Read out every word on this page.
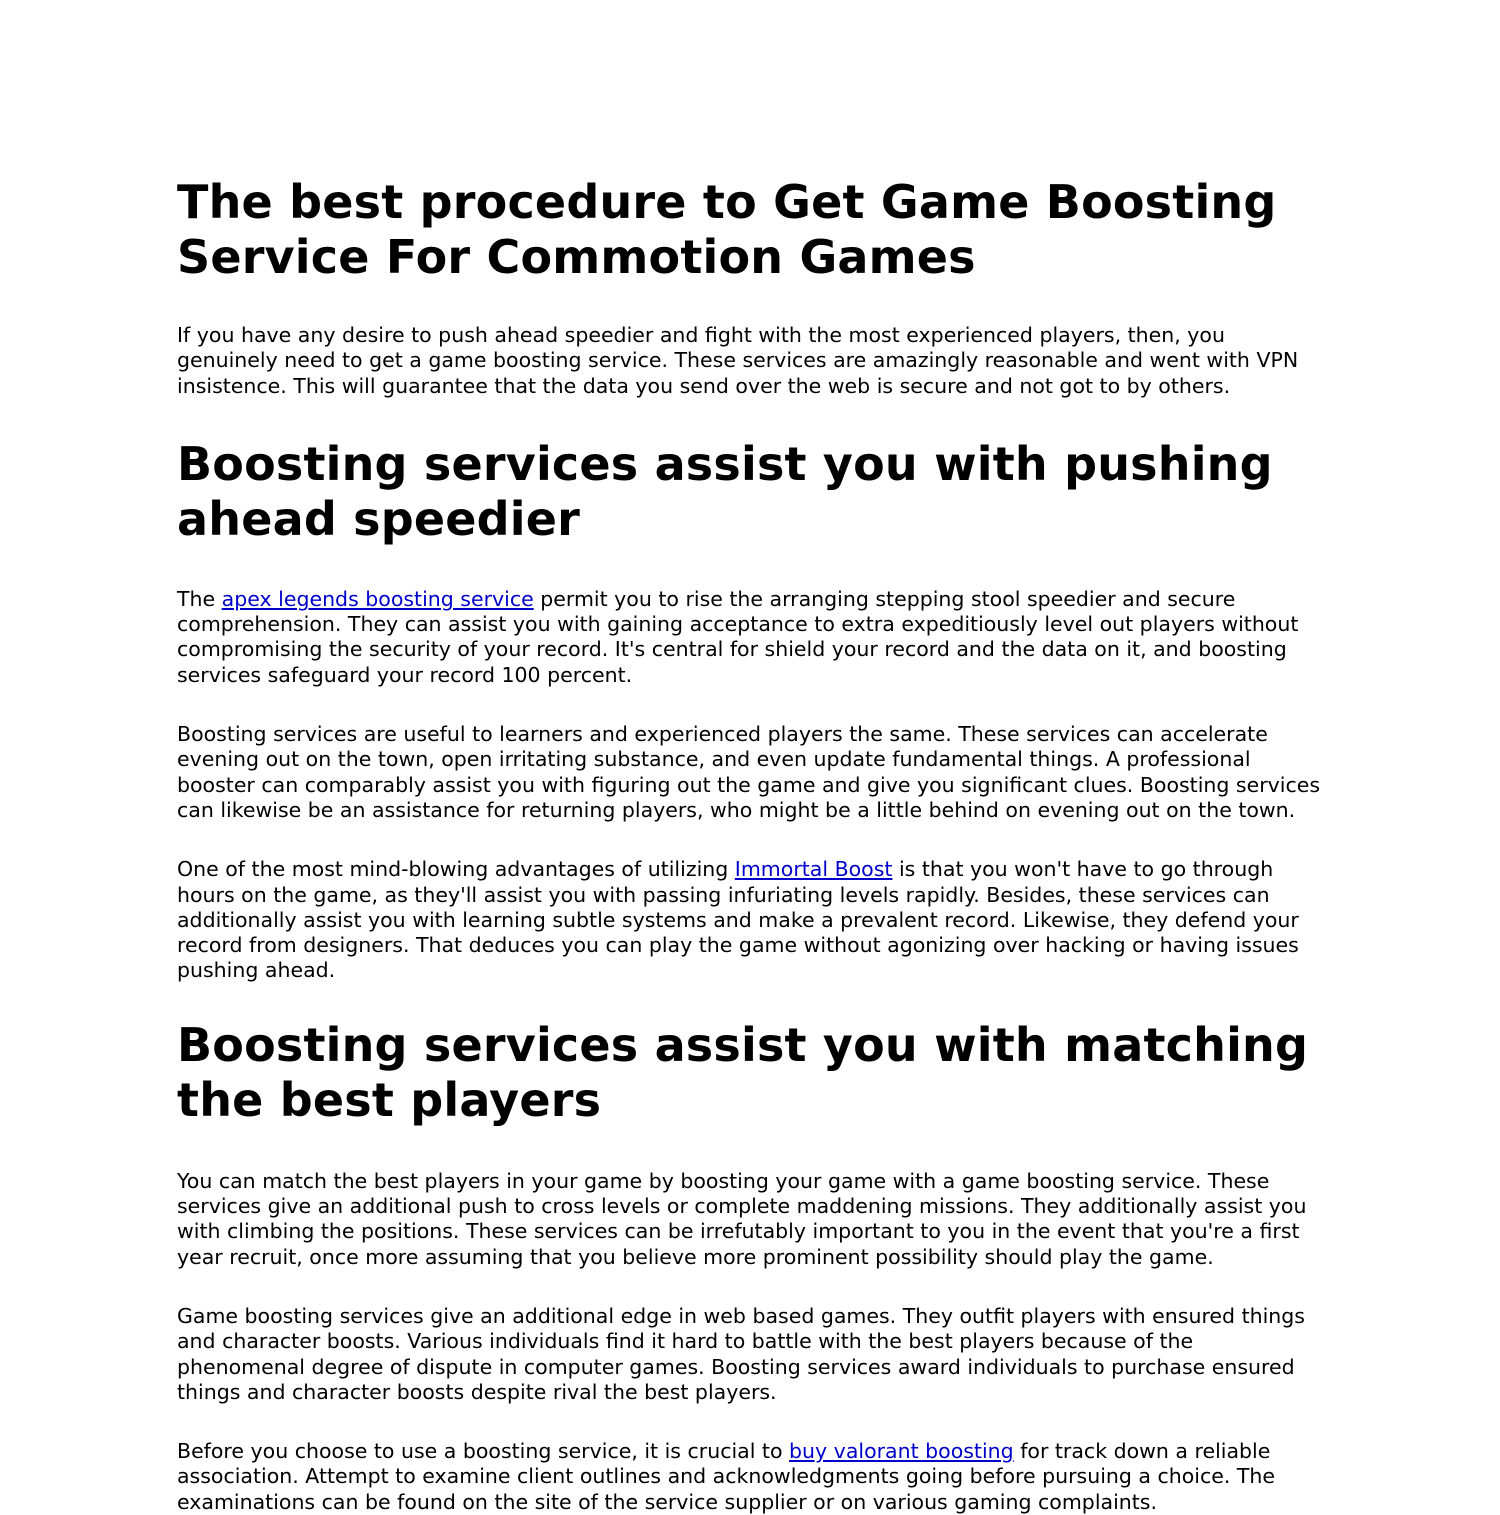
The best procedure to Get Game Boosting Service For Commotion Games

If you have any desire to push ahead speedier and fight with the most experienced players, then, you genuinely need to get a game boosting service. These services are amazingly reasonable and went with VPN insistence. This will guarantee that the data you send over the web is secure and not got to by others.

Boosting services assist you with pushing ahead speedier

The apex legends boosting service permit you to rise the arranging stepping stool speedier and secure comprehension. They can assist you with gaining acceptance to extra expeditiously level out players without compromising the security of your record. It's central for shield your record and the data on it, and boosting services safeguard your record 100 percent.

Boosting services are useful to learners and experienced players the same. These services can accelerate evening out on the town, open irritating substance, and even update fundamental things. A professional booster can comparably assist you with figuring out the game and give you significant clues. Boosting services can likewise be an assistance for returning players, who might be a little behind on evening out on the town.

One of the most mind-blowing advantages of utilizing Immortal Boost is that you won't have to go through hours on the game, as they'll assist you with passing infuriating levels rapidly. Besides, these services can additionally assist you with learning subtle systems and make a prevalent record. Likewise, they defend your record from designers. That deduces you can play the game without agonizing over hacking or having issues pushing ahead.

Boosting services assist you with matching the best players

You can match the best players in your game by boosting your game with a game boosting service. These services give an additional push to cross levels or complete maddening missions. They additionally assist you with climbing the positions. These services can be irrefutably important to you in the event that you're a first year recruit, once more assuming that you believe more prominent possibility should play the game.

Game boosting services give an additional edge in web based games. They outfit players with ensured things and character boosts. Various individuals find it hard to battle with the best players because of the phenomenal degree of dispute in computer games. Boosting services award individuals to purchase ensured things and character boosts despite rival the best players.

Before you choose to use a boosting service, it is crucial to buy valorant boosting for track down a reliable association. Attempt to examine client outlines and acknowledgments going before pursuing a choice. The examinations can be found on the site of the service supplier or on various gaming complaints.
